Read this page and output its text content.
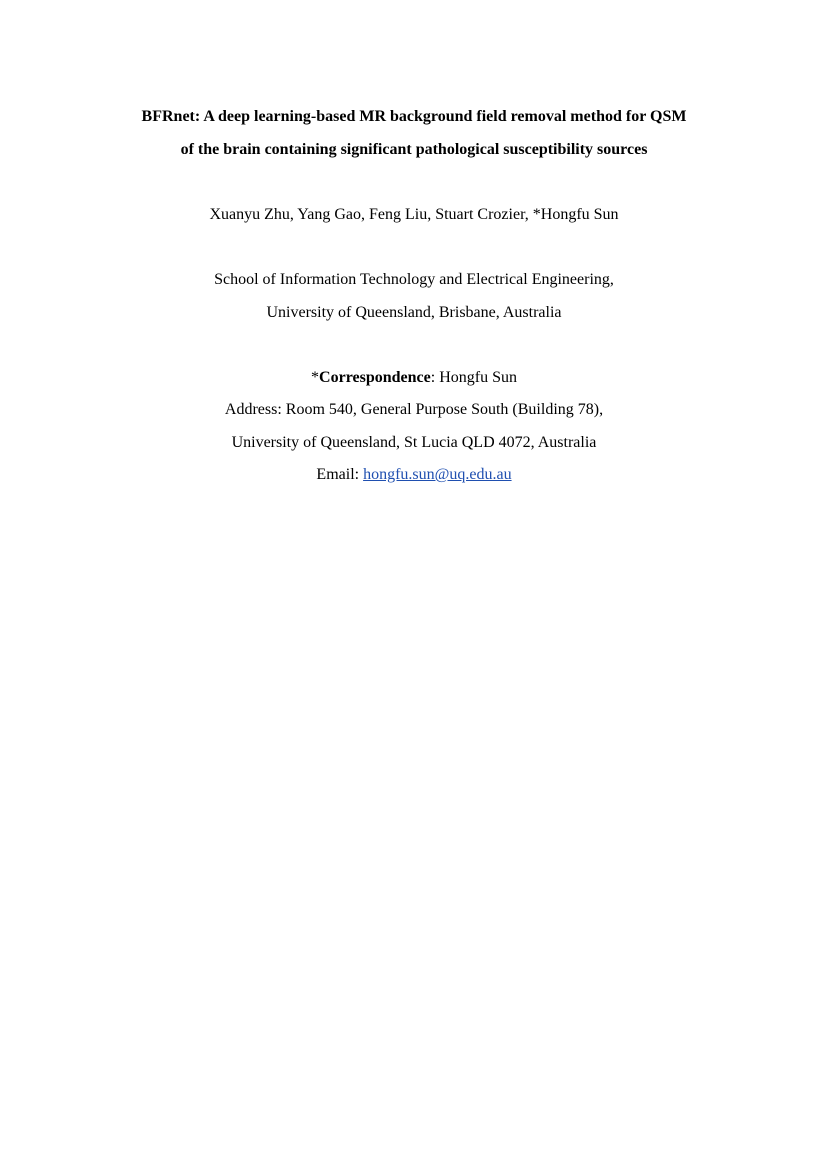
BFRnet: A deep learning-based MR background field removal method for QSM
of the brain containing significant pathological susceptibility sources
Xuanyu Zhu, Yang Gao, Feng Liu, Stuart Crozier, *Hongfu Sun
School of Information Technology and Electrical Engineering,
University of Queensland, Brisbane, Australia
*Correspondence: Hongfu Sun
Address: Room 540, General Purpose South (Building 78),
University of Queensland, St Lucia QLD 4072, Australia
Email: hongfu.sun@uq.edu.au
